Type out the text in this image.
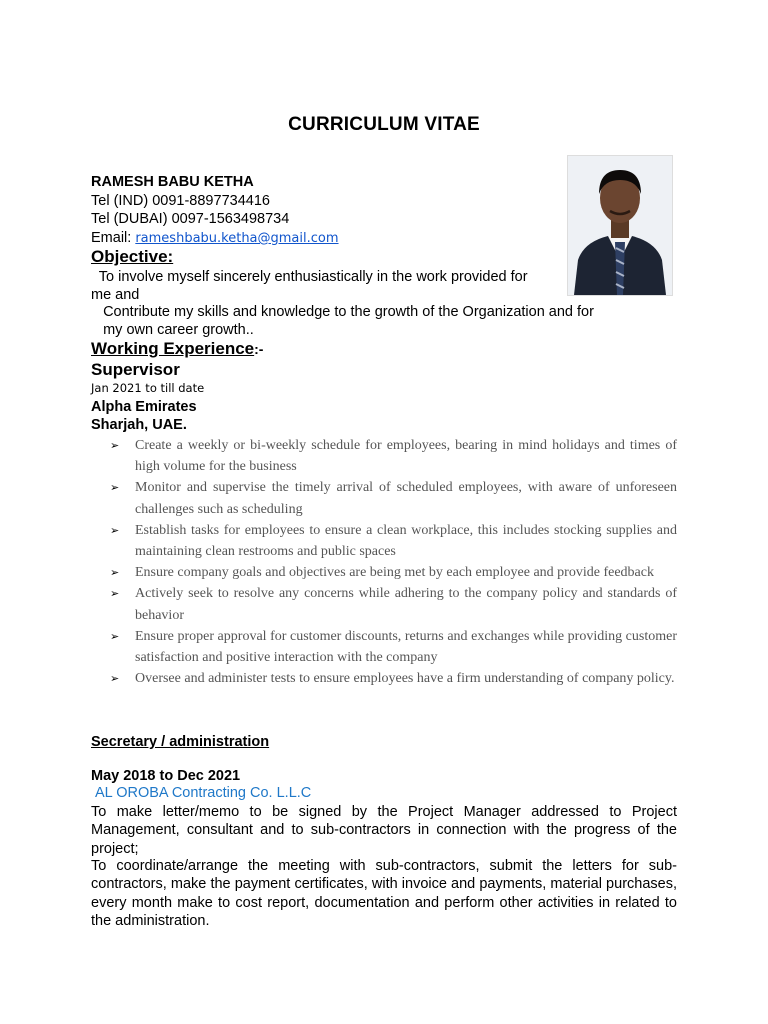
CURRICULUM VITAE
RAMESH BABU KETHA
Tel (IND) 0091-8897734416
Tel (DUBAI) 0097-1563498734
Email: rameshbabu.ketha@gmail.com
Objective:
To involve myself sincerely enthusiastically in the work provided for
me and
Contribute my skills and knowledge to the growth of the Organization and for
my own career growth..
Working Experience:-
Supervisor
Jan 2021 to till date
Alpha Emirates
Sharjah, UAE.
➢ Create a weekly or bi-weekly schedule for employees, bearing in mind holidays and times of high volume for the business
➢ Monitor and supervise the timely arrival of scheduled employees, with aware of unforeseen challenges such as scheduling
➢ Establish tasks for employees to ensure a clean workplace, this includes stocking supplies and maintaining clean restrooms and public spaces
➢ Ensure company goals and objectives are being met by each employee and provide feedback
➢ Actively seek to resolve any concerns while adhering to the company policy and standards of behavior
➢ Ensure proper approval for customer discounts, returns and exchanges while providing customer satisfaction and positive interaction with the company
➢ Oversee and administer tests to ensure employees have a firm understanding of company policy.
Secretary / administration
May 2018 to Dec 2021
AL OROBA Contracting Co. L.L.C
To make letter/memo to be signed by the Project Manager addressed to Project Management, consultant and to sub-contractors in connection with the progress of the project;
To coordinate/arrange the meeting with sub-contractors, submit the letters for sub-contractors, make the payment certificates, with invoice and payments, material purchases, every month make to cost report, documentation and perform other activities in related to the administration.
